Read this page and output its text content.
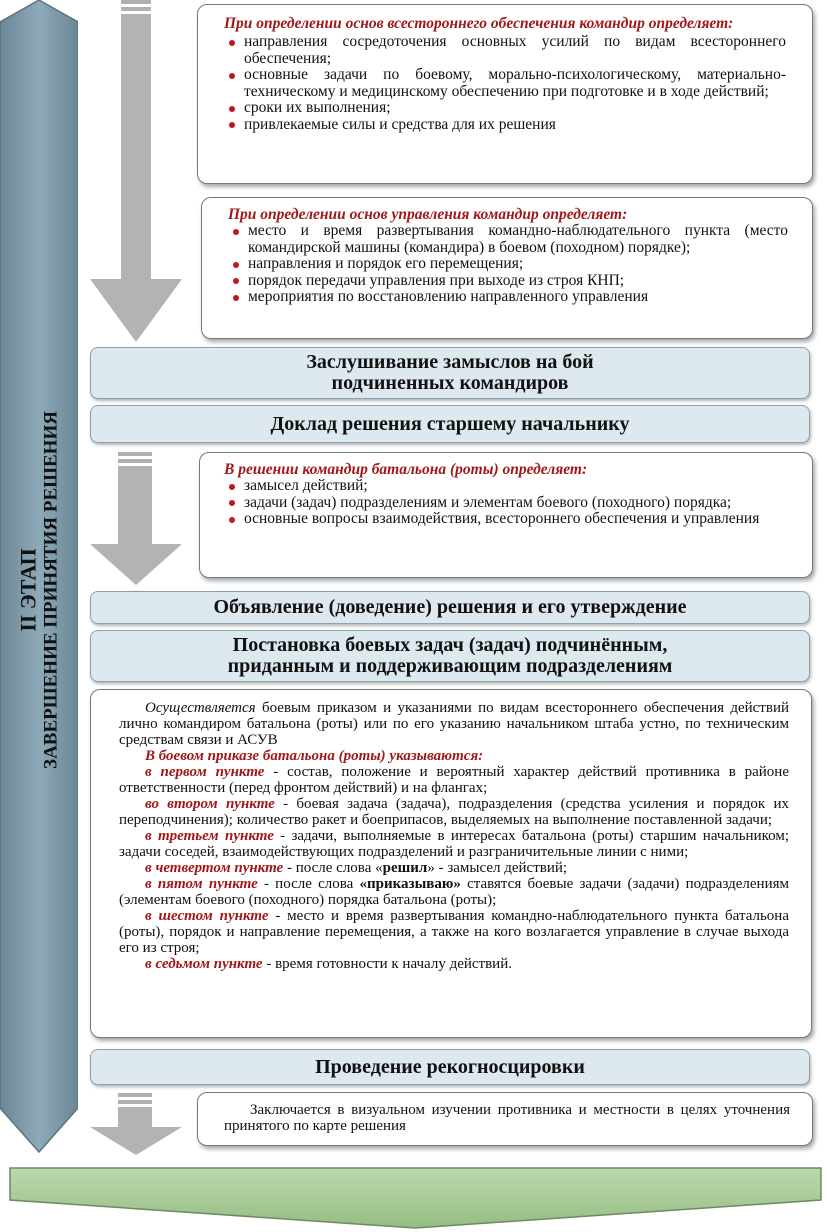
II ЭТАП ЗАВЕРШЕНИЕ ПРИНЯТИЯ РЕШЕНИЯ
При определении основ всестороннего обеспечения командир определяет:
направления сосредоточения основных усилий по видам всестороннего обеспечения;
основные задачи по боевому, морально-психологическому, материально-техническому и медицинскому обеспечению при подготовке и в ходе действий;
сроки их выполнения;
привлекаемые силы и средства для их решения
При определении основ управления командир определяет:
место и время развертывания командно-наблюдательного пункта (место командирской машины (командира) в боевом (походном) порядке);
направления и порядок его перемещения;
порядок передачи управления при выходе из строя КНП;
мероприятия по восстановлению направленного управления
Заслушивание замыслов на бой
подчиненных командиров
Доклад решения старшему начальнику
В решении командир батальона (роты) определяет:
замысел действий;
задачи (задач) подразделениям и элементам боевого (походного) порядка;
основные вопросы взаимодействия, всестороннего обеспечения и управления
Объявление (доведение) решения и его утверждение
Постановка боевых задач (задач) подчинённым,
приданным и поддерживающим подразделениям
Осуществляется боевым приказом и указаниями по видам всестороннего обеспечения действий лично командиром батальона (роты) или по его указанию начальником штаба устно, по техническим средствам связи и АСУВ
В боевом приказе батальона (роты) указываются:
в первом пункте - состав, положение и вероятный характер действий противника в районе ответственности (перед фронтом действий) и на флангах;
во втором пункте - боевая задача (задача), подразделения (средства усиления и порядок их переподчинения); количество ракет и боеприпасов, выделяемых на выполнение поставленной задачи;
в третьем пункте - задачи, выполняемые в интересах батальона (роты) старшим начальником; задачи соседей, взаимодействующих подразделений и разграничительные линии с ними;
в четвертом пункте - после слова «решил» - замысел действий;
в пятом пункте - после слова «приказываю» ставятся боевые задачи (задачи) подразделениям (элементам боевого (походного) порядка батальона (роты);
в шестом пункте - место и время развертывания командно-наблюдательного пункта батальона (роты), порядок и направление перемещения, а также на кого возлагается управление в случае выхода его из строя;
в седьмом пункте - время готовности к началу действий.
Проведение рекогносцировки
Заключается в визуальном изучении противника и местности в целях уточнения принятого по карте решения
